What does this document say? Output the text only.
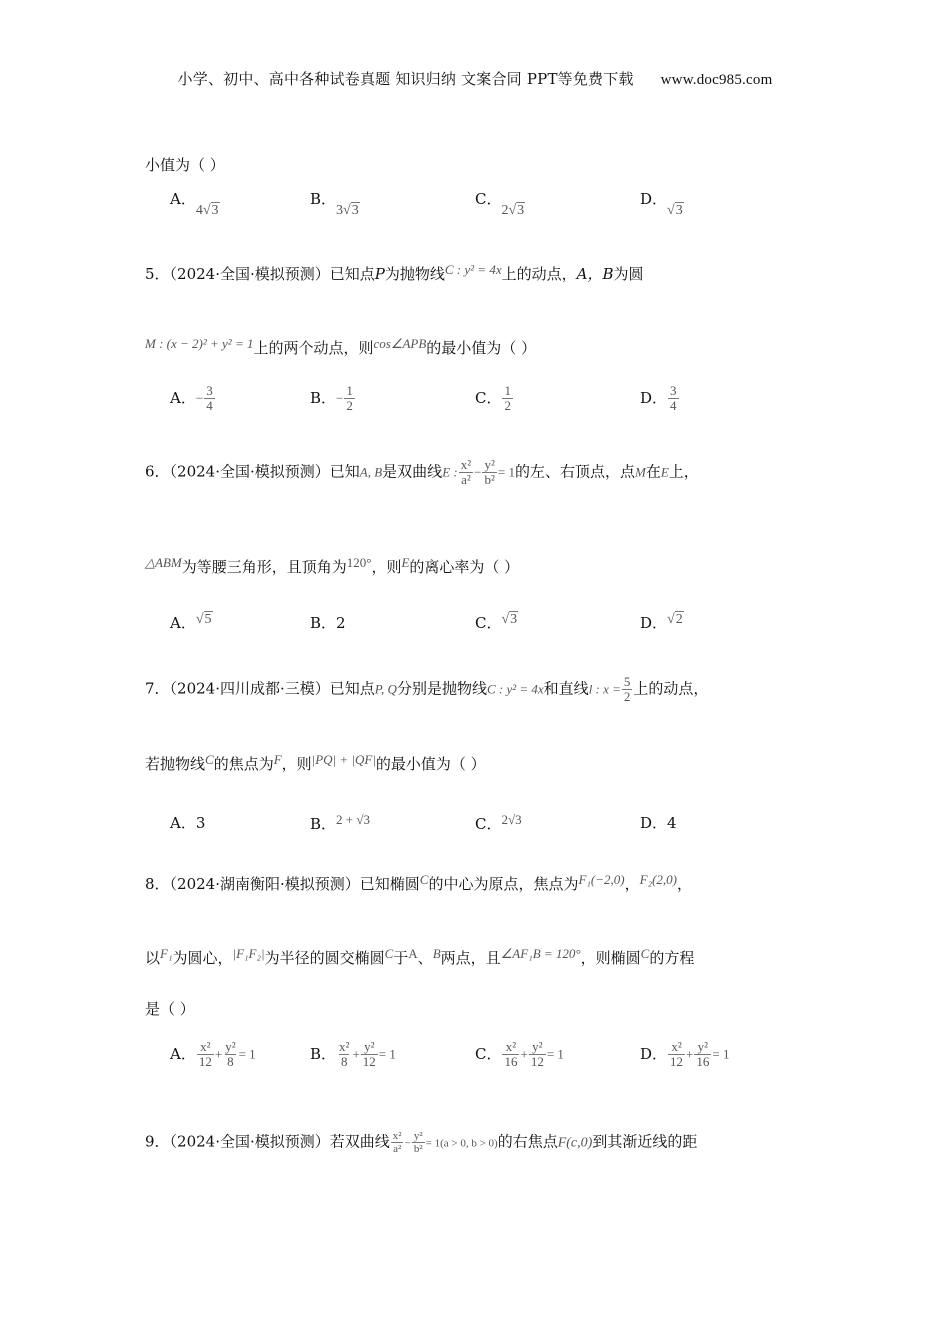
小学、初中、高中各种试卷真题 知识归纳 文案合同 PPT等免费下载 www.doc985.com
小值为（ ）
A．4√3
B．3√3
C．2√3
D．√3
5．（2024·全国·模拟预测）已知点P为抛物线C : y² = 4x上的动点，A，B为圆
M : (x − 2)² + y² = 1上的两个动点，则cos∠APB的最小值为（ ）
A．− $\frac{3}{4}$	B．− $\frac{1}{2}$	C． $\frac{1}{2}$	D． $\frac{3}{4}$
6．（2024·全国·模拟预测）已知A, B是双曲线E : $\frac{\text{x²}}{\text{a²}} - \frac{\text{y²}}{\text{b²}} = 1$的左、右顶点，点M在E上，
△ABM为等腰三角形，且顶角为120°，则E的离心率为（ ）
A．√5	B．2	C．√3	D．√2
7．（2024·四川成都·三模）已知点P, Q分别是抛物线C : y² = 4x和直线l : $x = \frac{5}{2}$ 上的动点，
若抛物线C的焦点为F，则|PQ| + |QF|的最小值为（ ）
A．3	B．2 + √3	C．2√3	D．4
8．（2024·湖南衡阳·模拟预测）已知椭圆C的中心为原点，焦点为F₁(−2,0)，F₂(2,0)，
以F₁为圆心，|F₁F₂|为半径的圆交椭圆C于A、B两点，且∠AF₁B = 120°，则椭圆C的方程
是（ ）
A． $\frac{\text{x²}}{12} + \frac{\text{y²}}{8} = 1$	B． $\frac{\text{x²}}{8} + \frac{\text{y²}}{12} = 1$	C． $\frac{\text{x²}}{16} + \frac{\text{y²}}{12} = 1$	D． $\frac{\text{x²}}{12} + \frac{\text{y²}}{16} = 1$
9．（2024·全国·模拟预测）若双曲线 $\frac{\text{x²}}{\text{a²}} - \frac{\text{y²}}{\text{b²}} = 1(a > 0$, b > 0)的右焦点F(c,0)到其渐近线的距
